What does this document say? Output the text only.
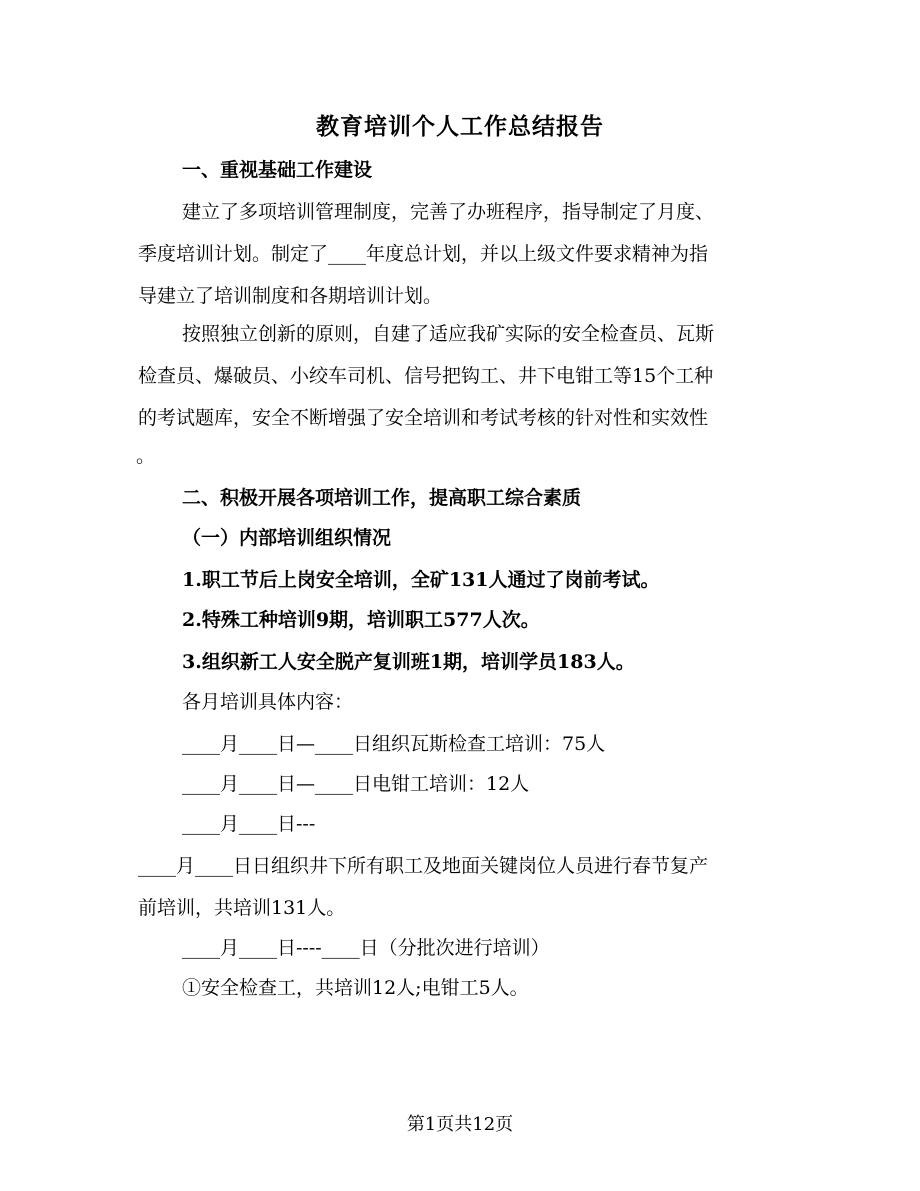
教育培训个人工作总结报告
一、重视基础工作建设
建立了多项培训管理制度，完善了办班程序，指导制定了月度、
季度培训计划。制定了____年度总计划，并以上级文件要求精神为指
导建立了培训制度和各期培训计划。
按照独立创新的原则，自建了适应我矿实际的安全检查员、瓦斯
检查员、爆破员、小绞车司机、信号把钩工、井下电钳工等15个工种
的考试题库，安全不断增强了安全培训和考试考核的针对性和实效性
。
二、积极开展各项培训工作，提高职工综合素质
（一）内部培训组织情况
1.职工节后上岗安全培训，全矿131人通过了岗前考试。
2.特殊工种培训9期，培训职工577人次。
3.组织新工人安全脱产复训班1期，培训学员183人。
各月培训具体内容：
____月____日—____日组织瓦斯检查工培训：75人
____月____日—____日电钳工培训：12人
____月____日---
____月____日日组织井下所有职工及地面关键岗位人员进行春节复产
前培训，共培训131人。
____月____日----____日（分批次进行培训）
①安全检查工，共培训12人;电钳工5人。
第1页共12页
